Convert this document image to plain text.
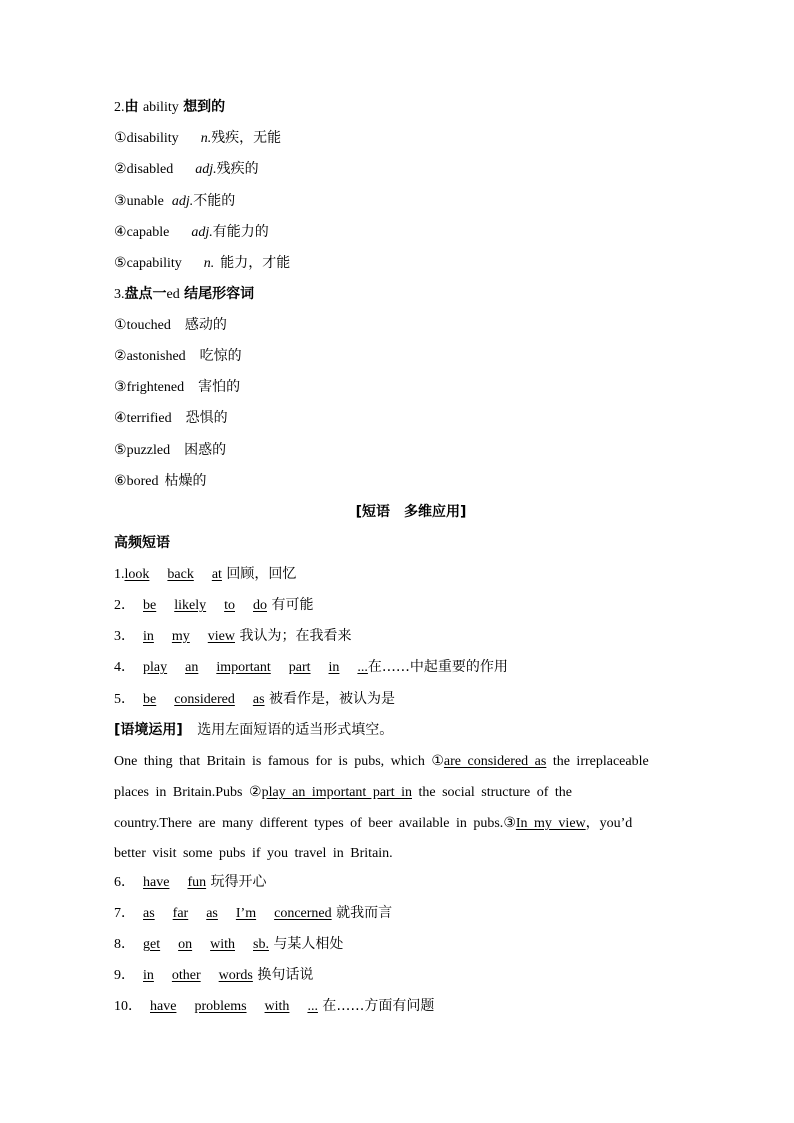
2.由 ability 想到的
①disability n.残疾，无能
②disabled adj.残疾的
③unable adj.不能的
④capable adj.有能力的
⑤capability n. 能力，才能
3.盘点一ed 结尾形容词
①touched 感动的
②astonished 吃惊的
③frightened 害怕的
④terrified 恐惧的
⑤puzzled 困惑的
⑥bored 枯燥的
[短语　多维应用]
高频短语
1.look back at 回顾，回忆
2． be likely to do 有可能
3． in my view 我认为；在我看来
4． play an important part in ...在……中起重要的作用
5． be considered as 被看作是，被认为是
[语境运用] 选用左面短语的适当形式填空。
One thing that Britain is famous for is pubs, which ①are considered as the irreplaceable
places in Britain.Pubs ②play an important part in the social structure of the
country.There are many different types of beer available in pubs.③In my view，you’d
better visit some pubs if you travel in Britain.
6． have fun 玩得开心
7． as far as I’m concerned 就我而言
8． get on with sb. 与某人相处
9． in other words 换句话说
10． have problems with ... 在……方面有问题
